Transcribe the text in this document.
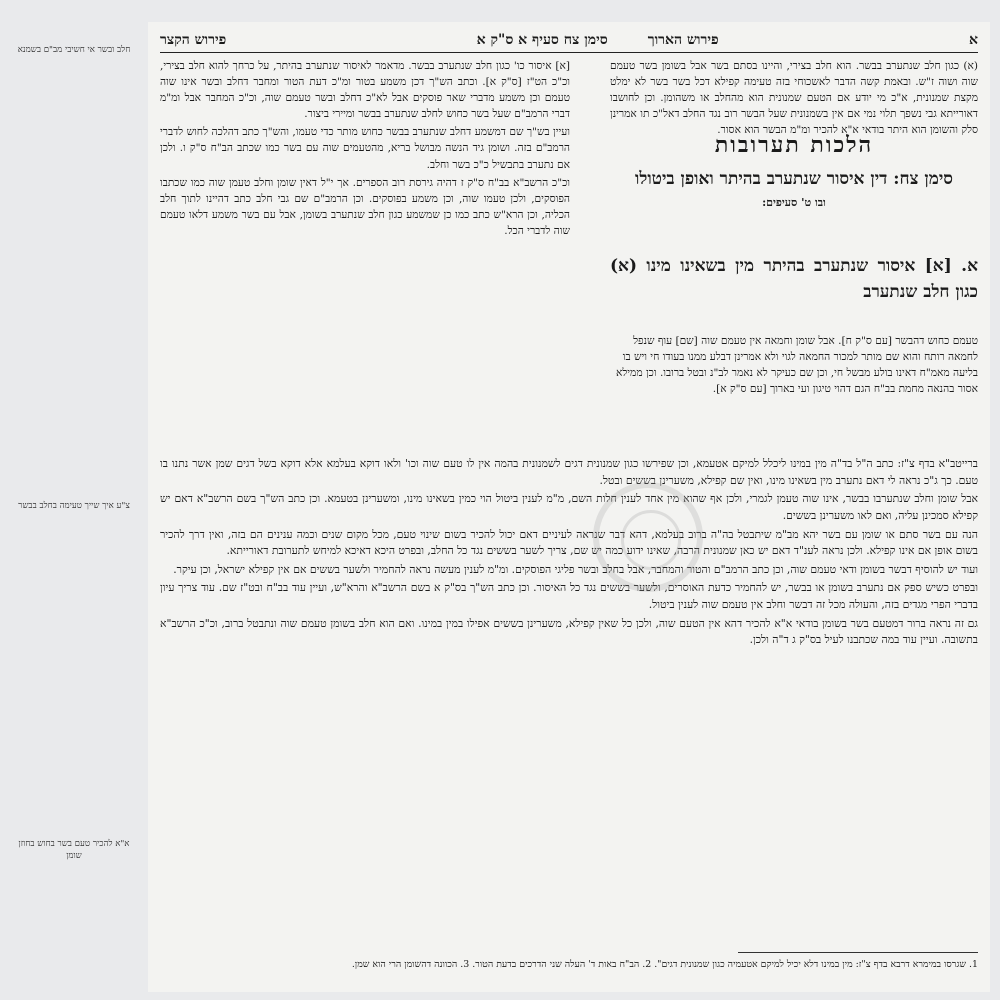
א
פירוש הארוך
סימן צח סעיף א ס"ק א
פירוש הקצר

(א) כגון חלב שנתערב בבשר. הוא חלב בצירי, והיינו בסתם בשר אבל בשומן בשר טעמם שוה ושוה ז"ש. ובאמת קשה הדבר לאשכוחי בזה טעימה קפילא דכל בשר בשר לא ימלט מקצת שמנונית, א"כ מי יודע אם הטעם שמנונית הוא מהחלב או משהומן. וכן לחושבו דאורייתא גבי נשפך תלוי נמי אם אין בשמנונית שעל הבשר רוב נגד החלב דאל"כ תו אמרינן סלק והשומן הוא היתר בודאי א"א להכיר ומ"מ הבשר הוא אסור.

הלכות תערובות
סימן צח: דין איסור שנתערב בהיתר ואופן ביטולו
ובו ט' סעיפים:
א. [א] איסור שנתערב בהיתר מין בשאינו מינו (א) כגון חלב שנתערב

טעמם כחוש דהבשר [עם ס"ק ח]. אבל שומן וחמאה אין טעמם שוה [שם] עוף שנפל לחמאה רותח והוא שם מותר למכור החמאה לגוי ולא אמרינן דבלע ממנו בעודו חי ויש בו בליעה מאמ"ח דאינו בולע מבשל חי, וכן שם כעיקר לא נאמר לב"נ ובטל ברובו. וכן ממילא אסור בהנאה מחמת בב"ח הגם דהוי טיגון ועי בארוך [עם ס"ק א].

[א] איסור כו' כגון חלב שנתערב בבשר. מדאמר לאיסור שנתערב בהיתר, על כרחך להוא חלב בצירי, וכ"כ הט"ז [ס"ק א]. וכתב הש"ך דכן משמע בטור ומ"כ דעת הטור ומחבר דחלב ובשר אינו שוה טעמם וכן משמע מדברי שאר פוסקים אבל לא"כ דחלב ובשר טעמם שוה, וכ"כ המחבר אבל ומ"מ דברי הרמב"ם שעל בשר כחוש לחלב שנתערב בבשר ומיירי ביצור.

ועיין בש"ך שם דמשמע דחלב שנתערב בבשר כחוש מותר כדי טעמו, והש"ך כתב דהלכה לחוש לדברי הרמב"ם בזה. ושומן גיד הנשה מבושל בריא, מהטעמים שוה עם בשר כמו שכתב הב"ח ס"ק ו. ולכן אם נתערב בתבשיל כ"כ בשר וחלב.

וכ"כ הרשב"א בב"ח ס"ק ז דהיה גירסת רוב הספרים. אך י"ל דאין שומן וחלב טעמן שוה כמו שכתבו הפוסקים, ולכן טעמו שוה, וכן משמע בפוסקים. וכן הרמב"ם שם גבי חלב כתב דהיינו לתוך חלב הכליה, וכן הרא"ש כתב כמו כן שמשמע כגון חלב שנתערב בשומן, אבל עם בשר משמע דלאו טעמם שוה לדברי הכל.

ברייטב"א בדף צ"ז: כתב ה"ל בד"ה מין במינו ליכלל למיקם אטעמא, וכן שפירשו כגון שמנונית דגים לשמנונית בהמה אין לו טעם שוה וכו' ולאו דוקא בעלמא אלא דוקא בשל דגים שמן אשר נתנו בו טעם. כך ג"כ נראה לי דאם נתערב מין בשאינו מינו, ואין שם קפילא, משערינן בששים ובטל.

אבל שומן וחלב שנתערבו בבשר, אינו שוה טעמן לגמרי, ולכן אף שהוא מין אחד לענין חלות השם, מ"מ לענין ביטול הוי כמין בשאינו מינו, ומשערינן בטעמא. וכן כתב הש"ך בשם הרשב"א דאם יש קפילא סמכינן עליה, ואם לאו משערינן בששים.

הנה עם בשר סתם או שומן עם בשר יהא מב"מ שיתבטל בה"ה ברוב בעלמא, דהא דבר שנראה לעיניים דאם יכול להכיר בשום שינוי טעם, מכל מקום שנים וכמה ענינים הם בזה, ואין דרך להכיר בשום אופן אם אינו קפילא. ולכן נראה לענ"ד דאם יש כאן שמנונית הרבה, שאינו ידוע כמה יש שם, צריך לשער בששים נגד כל החלב, ובפרט היכא דאיכא למיחש לתערובת דאורייתא.

ועוד יש להוסיף דבשר בשומן ודאי טעמם שוה, וכן כתב הרמב"ם והטור והמחבר, אבל בחלב ובשר פליגי הפוסקים. ומ"מ לענין מעשה נראה להחמיר ולשער בששים אם אין קפילא ישראל, וכן עיקר.

ובפרט כשיש ספק אם נתערב בשומן או בבשר, יש להחמיר כדעת האוסרים, ולשער בששים נגד כל האיסור. וכן כתב הש"ך בס"ק א בשם הרשב"א והרא"ש, ועיין עוד בב"ח ובט"ז שם. עוד צריך עיון בדברי הפרי מגדים בזה, והעולה מכל זה דבשר וחלב אין טעמם שוה לענין ביטול.

גם זה נראה ברור דמטעם בשר בשומן בודאי א"א להכיר דהא אין הטעם שוה, ולכן כל שאין קפילא, משערינן בששים אפילו במין במינו. ואם הוא חלב בשומן טעמם שוה ונתבטל ברוב, וכ"כ הרשב"א בתשובה. ועיין עוד במה שכתבנו לעיל בס"ק ג ד"ה ולכן.

1. שגרסו במימרא דרבא בדף צ"ז: מין במינו דלא יכיל למיקם אטעמיה כגון שמנונית דגים". 2. הב"ח באות ד' העלה שני הדרכים בדעת הטור. 3. הכוונה דהשומן הרי הוא שמן.
חלב ובשר אי חשיבי מב"ם בשמנא
צ"ע איך שייך טעימה בחלב בבשר
א"א להכיר טעם בשר בחוש בחוזן שומן
